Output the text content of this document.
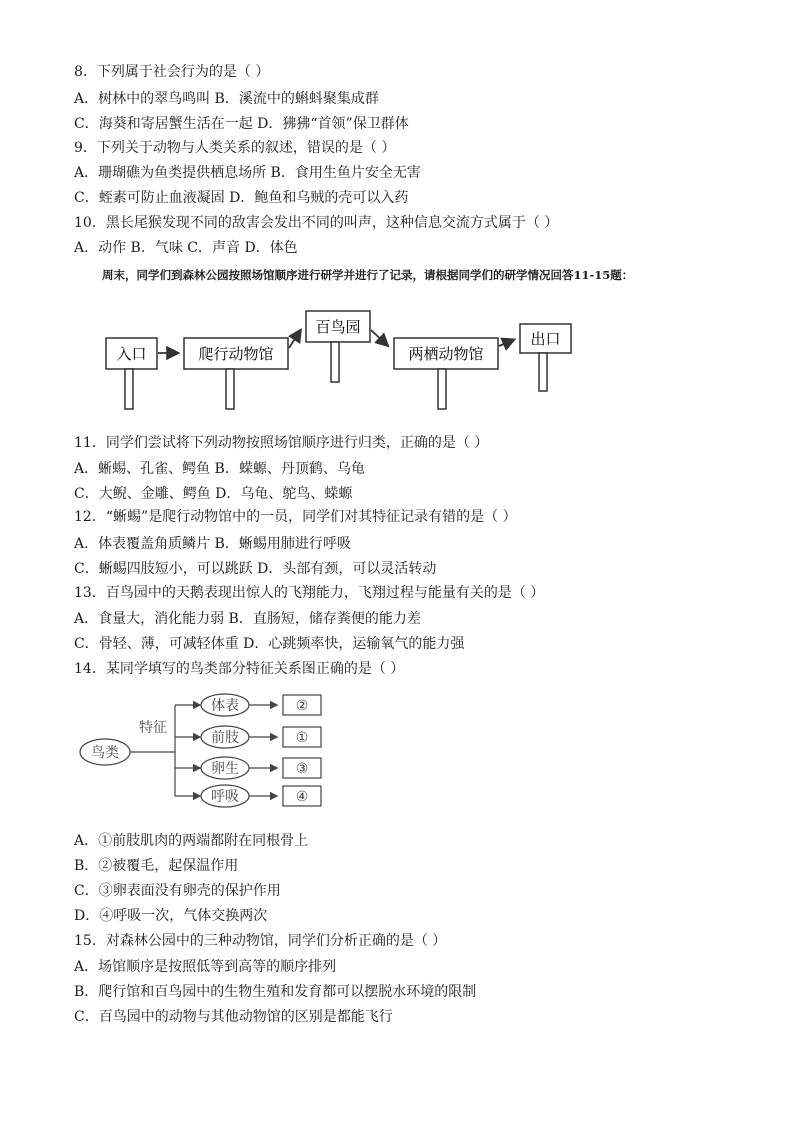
8．下列属于社会行为的是（ ）
A．树林中的翠鸟鸣叫 B．溪流中的蝌蚪聚集成群
C．海葵和寄居蟹生活在一起 D．狒狒“首领”保卫群体
9．下列关于动物与人类关系的叙述，错误的是（ ）
A．珊瑚礁为鱼类提供栖息场所 B．食用生鱼片安全无害
C．蛭素可防止血液凝固 D．鲍鱼和乌贼的壳可以入药
10．黑长尾猴发现不同的敌害会发出不同的叫声，这种信息交流方式属于（ ）
A．动作 B．气味 C．声音 D．体色
周末，同学们到森林公园按照场馆顺序进行研学并进行了记录，请根据同学们的研学情况回答11-15题：
入口	爬行动物馆
百鸟园
两栖动物馆
出口
11．同学们尝试将下列动物按照场馆顺序进行归类，正确的是（ ）
A．蜥蜴、孔雀、鳄鱼 B．蝾螈、丹顶鹤、乌龟
C．大鲵、金雕、鳄鱼 D．乌龟、鸵鸟、蝾螈
12．“蜥蜴”是爬行动物馆中的一员，同学们对其特征记录有错的是（ ）
A．体表覆盖角质鳞片 B．蜥蜴用肺进行呼吸
C．蜥蜴四肢短小，可以跳跃 D．头部有颈，可以灵活转动
13．百鸟园中的天鹅表现出惊人的飞翔能力，飞翔过程与能量有关的是（ ）
A．食量大，消化能力弱 B．直肠短，储存粪便的能力差
C．骨轻、薄，可减轻体重 D．心跳频率快，运输氧气的能力强
14．某同学填写的鸟类部分特征关系图正确的是（ ）
鸟类
特征
体表	②
前肢	①
卵生	③
呼吸	④
A．①前肢肌肉的两端都附在同根骨上
B．②被覆毛，起保温作用
C．③卵表面没有卵壳的保护作用
D．④呼吸一次，气体交换两次
15．对森林公园中的三种动物馆，同学们分析正确的是（ ）
A．场馆顺序是按照低等到高等的顺序排列
B．爬行馆和百鸟园中的生物生殖和发育都可以摆脱水环境的限制
C．百鸟园中的动物与其他动物馆的区别是都能飞行
